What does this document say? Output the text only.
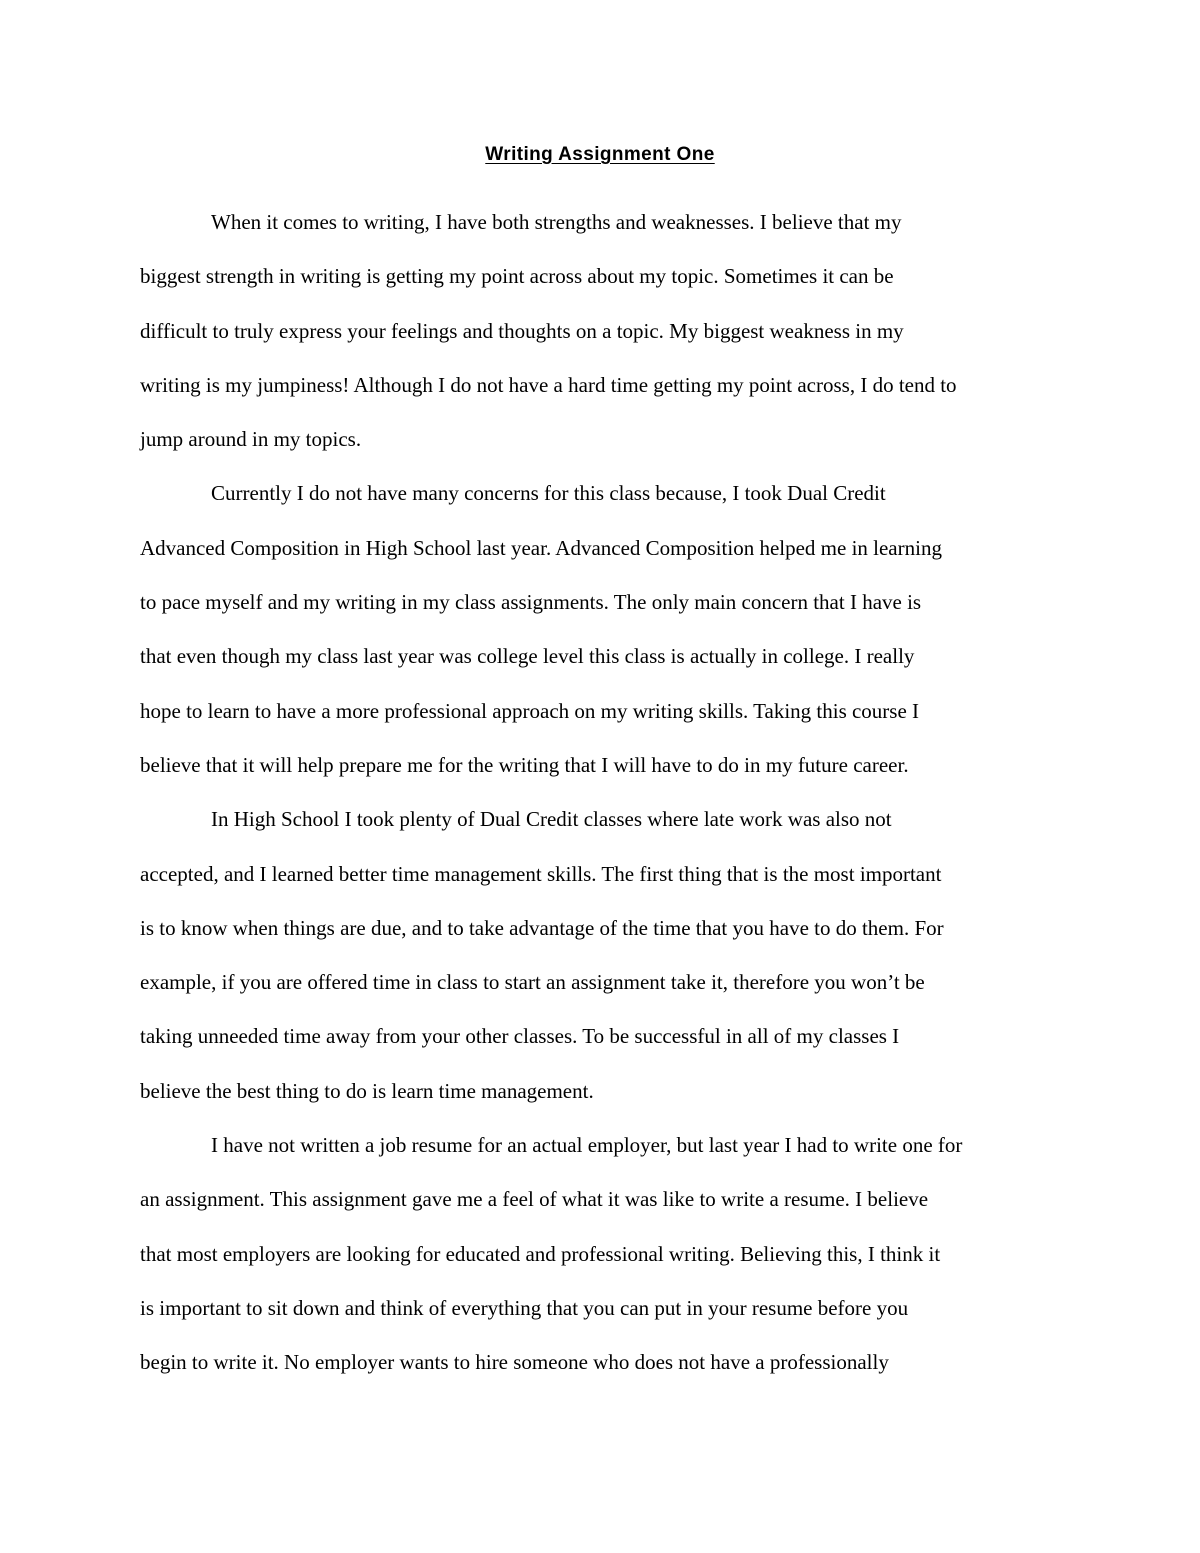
Writing Assignment One
When it comes to writing, I have both strengths and weaknesses. I believe that my
biggest strength in writing is getting my point across about my topic. Sometimes it can be
difficult to truly express your feelings and thoughts on a topic. My biggest weakness in my
writing is my jumpiness! Although I do not have a hard time getting my point across, I do tend to
jump around in my topics.
Currently I do not have many concerns for this class because, I took Dual Credit
Advanced Composition in High School last year. Advanced Composition helped me in learning
to pace myself and my writing in my class assignments. The only main concern that I have is
that even though my class last year was college level this class is actually in college. I really
hope to learn to have a more professional approach on my writing skills. Taking this course I
believe that it will help prepare me for the writing that I will have to do in my future career.
In High School I took plenty of Dual Credit classes where late work was also not
accepted, and I learned better time management skills. The first thing that is the most important
is to know when things are due, and to take advantage of the time that you have to do them. For
example, if you are offered time in class to start an assignment take it, therefore you won’t be
taking unneeded time away from your other classes. To be successful in all of my classes I
believe the best thing to do is learn time management.
I have not written a job resume for an actual employer, but last year I had to write one for
an assignment. This assignment gave me a feel of what it was like to write a resume. I believe
that most employers are looking for educated and professional writing. Believing this, I think it
is important to sit down and think of everything that you can put in your resume before you
begin to write it. No employer wants to hire someone who does not have a professionally
